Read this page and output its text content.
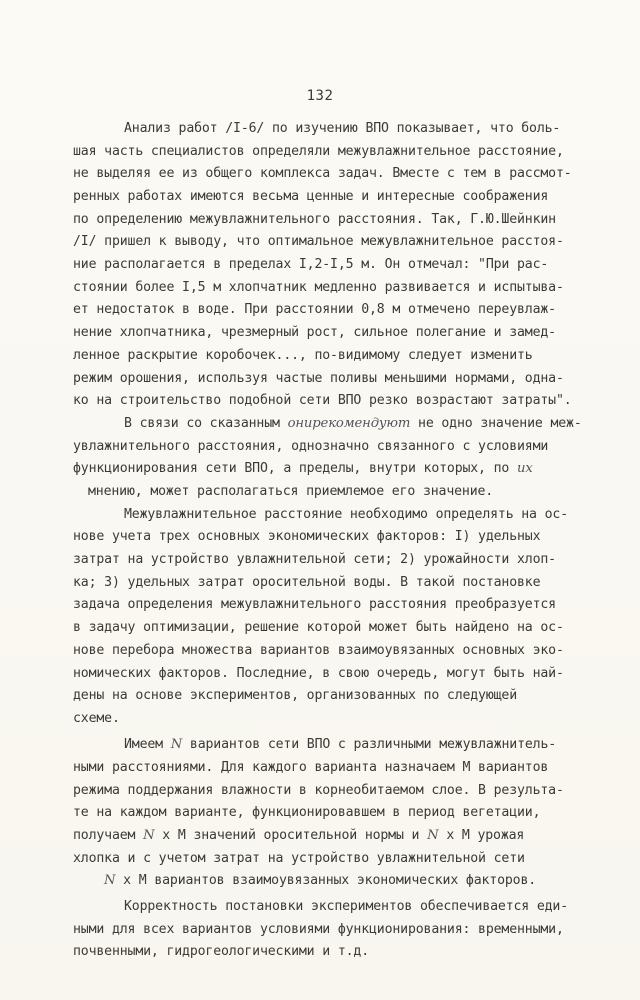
132
Анализ работ /I-6/ по изучению ВПО показывает, что боль-
шая часть специалистов определяли межувлажнительное расстояние,
не выделяя ее из общего комплекса задач. Вместе с тем в рассмот-
ренных работах имеются весьма ценные и интересные соображения
по определению межувлажнительного расстояния. Так, Г.Ю.Шейнкин
/I/ пришел к выводу, что оптимальное межувлажнительное расстоя-
ние располагается в пределах I,2-I,5 м. Он отмечал: "При рас-
стоянии более I,5 м хлопчатник медленно развивается и испытыва-
ет недостаток в воде. При расстоянии 0,8 м отмечено переувлаж-
нение хлопчатника, чрезмерный рост, сильное полегание и замед-
ленное раскрытие коробочек..., по-видимому следует изменить
режим орошения, используя частые поливы меньшими нормами, одна-
ко на строительство подобной сети ВПО резко возрастают затраты".
В связи со сказанным онирекомендуют не одно значение меж-
увлажнительного расстояния, однозначно связанного с условиями
функционирования сети ВПО, а пределы, внутри которых, по их
мнению, может располагаться приемлемое его значение.
Межувлажнительное расстояние необходимо определять на ос-
нове учета трех основных экономических факторов: I) удельных
затрат на устройство увлажнительной сети; 2) урожайности хлоп-
ка; 3) удельных затрат оросительной воды. В такой постановке
задача определения межувлажнительного расстояния преобразуется
в задачу оптимизации, решение которой может быть найдено на ос-
нове перебора множества вариантов взаимоувязанных основных эко-
номических факторов. Последние, в свою очередь, могут быть най-
дены на основе экспериментов, организованных по следующей
схеме.
Имеем N вариантов сети ВПО с различными межувлажнитель-
ными расстояниями. Для каждого варианта назначаем М вариантов
режима поддержания влажности в корнеобитаемом слое. В результа-
те на каждом варианте, функционировавшем в период вегетации,
получаем N х М значений оросительной нормы и N х М урожая
хлопка и с учетом затрат на устройство увлажнительной сети
N х М вариантов взаимоувязанных экономических факторов.
Корректность постановки экспериментов обеспечивается еди-
ными для всех вариантов условиями функционирования: временными,
почвенными, гидрогеологическими и т.д.
